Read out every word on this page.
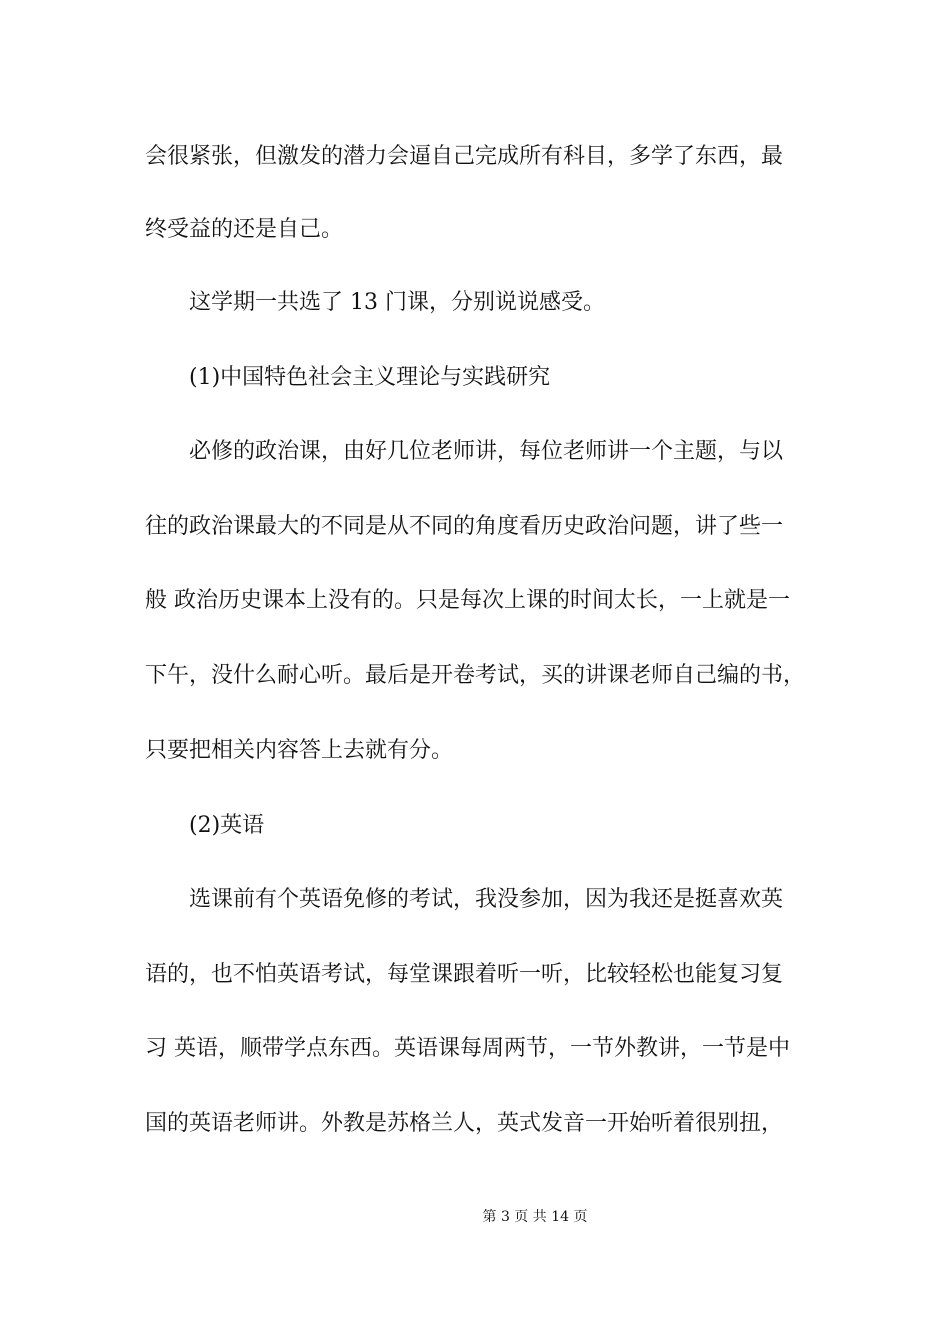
会很紧张，但激发的潜力会逼自己完成所有科目，多学了东西，最
终受益的还是自己。
这学期一共选了 13 门课，分别说说感受。
(1)中国特色社会主义理论与实践研究
必修的政治课，由好几位老师讲，每位老师讲一个主题，与以
往的政治课最大的不同是从不同的角度看历史政治问题，讲了些一
般 政治历史课本上没有的。只是每次上课的时间太长，一上就是一
下午，没什么耐心听。最后是开卷考试，买的讲课老师自己编的书，
只要把相关内容答上去就有分。
(2)英语
选课前有个英语免修的考试，我没参加，因为我还是挺喜欢英
语的，也不怕英语考试，每堂课跟着听一听，比较轻松也能复习复
习 英语，顺带学点东西。英语课每周两节，一节外教讲，一节是中
国的英语老师讲。外教是苏格兰人，英式发音一开始听着很别扭，
第 3 页 共 14 页
